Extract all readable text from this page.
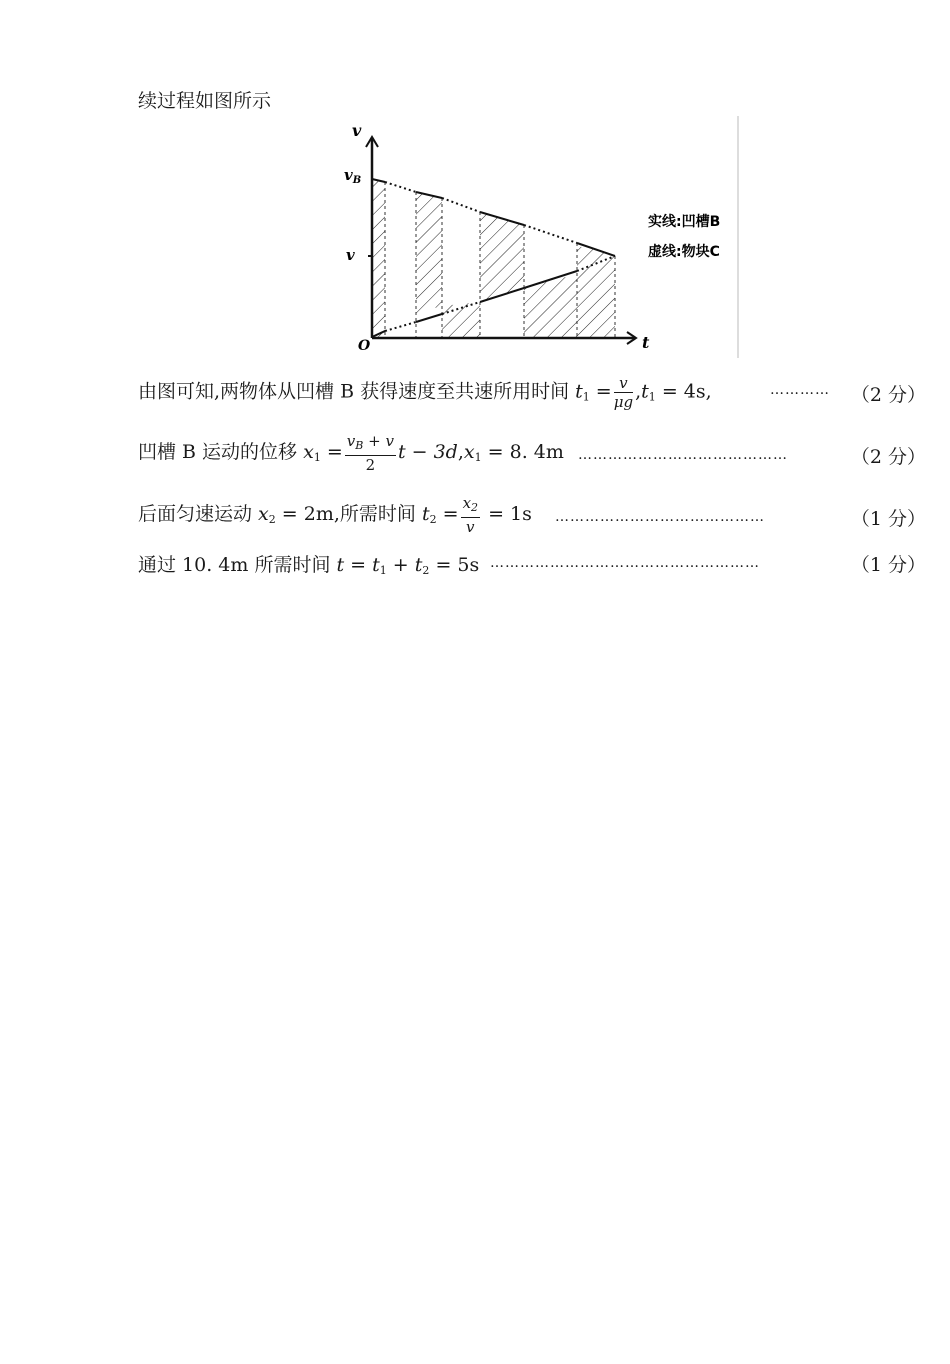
续过程如图所示
v
t
O
$v_B$
v
实线:凹槽B
虚线:物块C
由图可知,两物体从凹槽 B 获得速度至共速所用时间 $t_1 = \frac{v}{\mu g} ,t_1 = 4s$,	…………	（2 分）
凹槽 B 运动的位移 $x_1 = \frac{v_B + v}{2}$ $t - 3d,x_1 = 8$. 4m ……………………………………	（2 分）
后面匀速运动 $x_2 = 2m$,所需时间 $t_2 = \frac{x_2}{v} = 1s$ ……………………………………	（1 分）
通过 10. 4m 所需时间 $t = t_1 + t_2 = 5s$ ………………………………………………	（1 分）
